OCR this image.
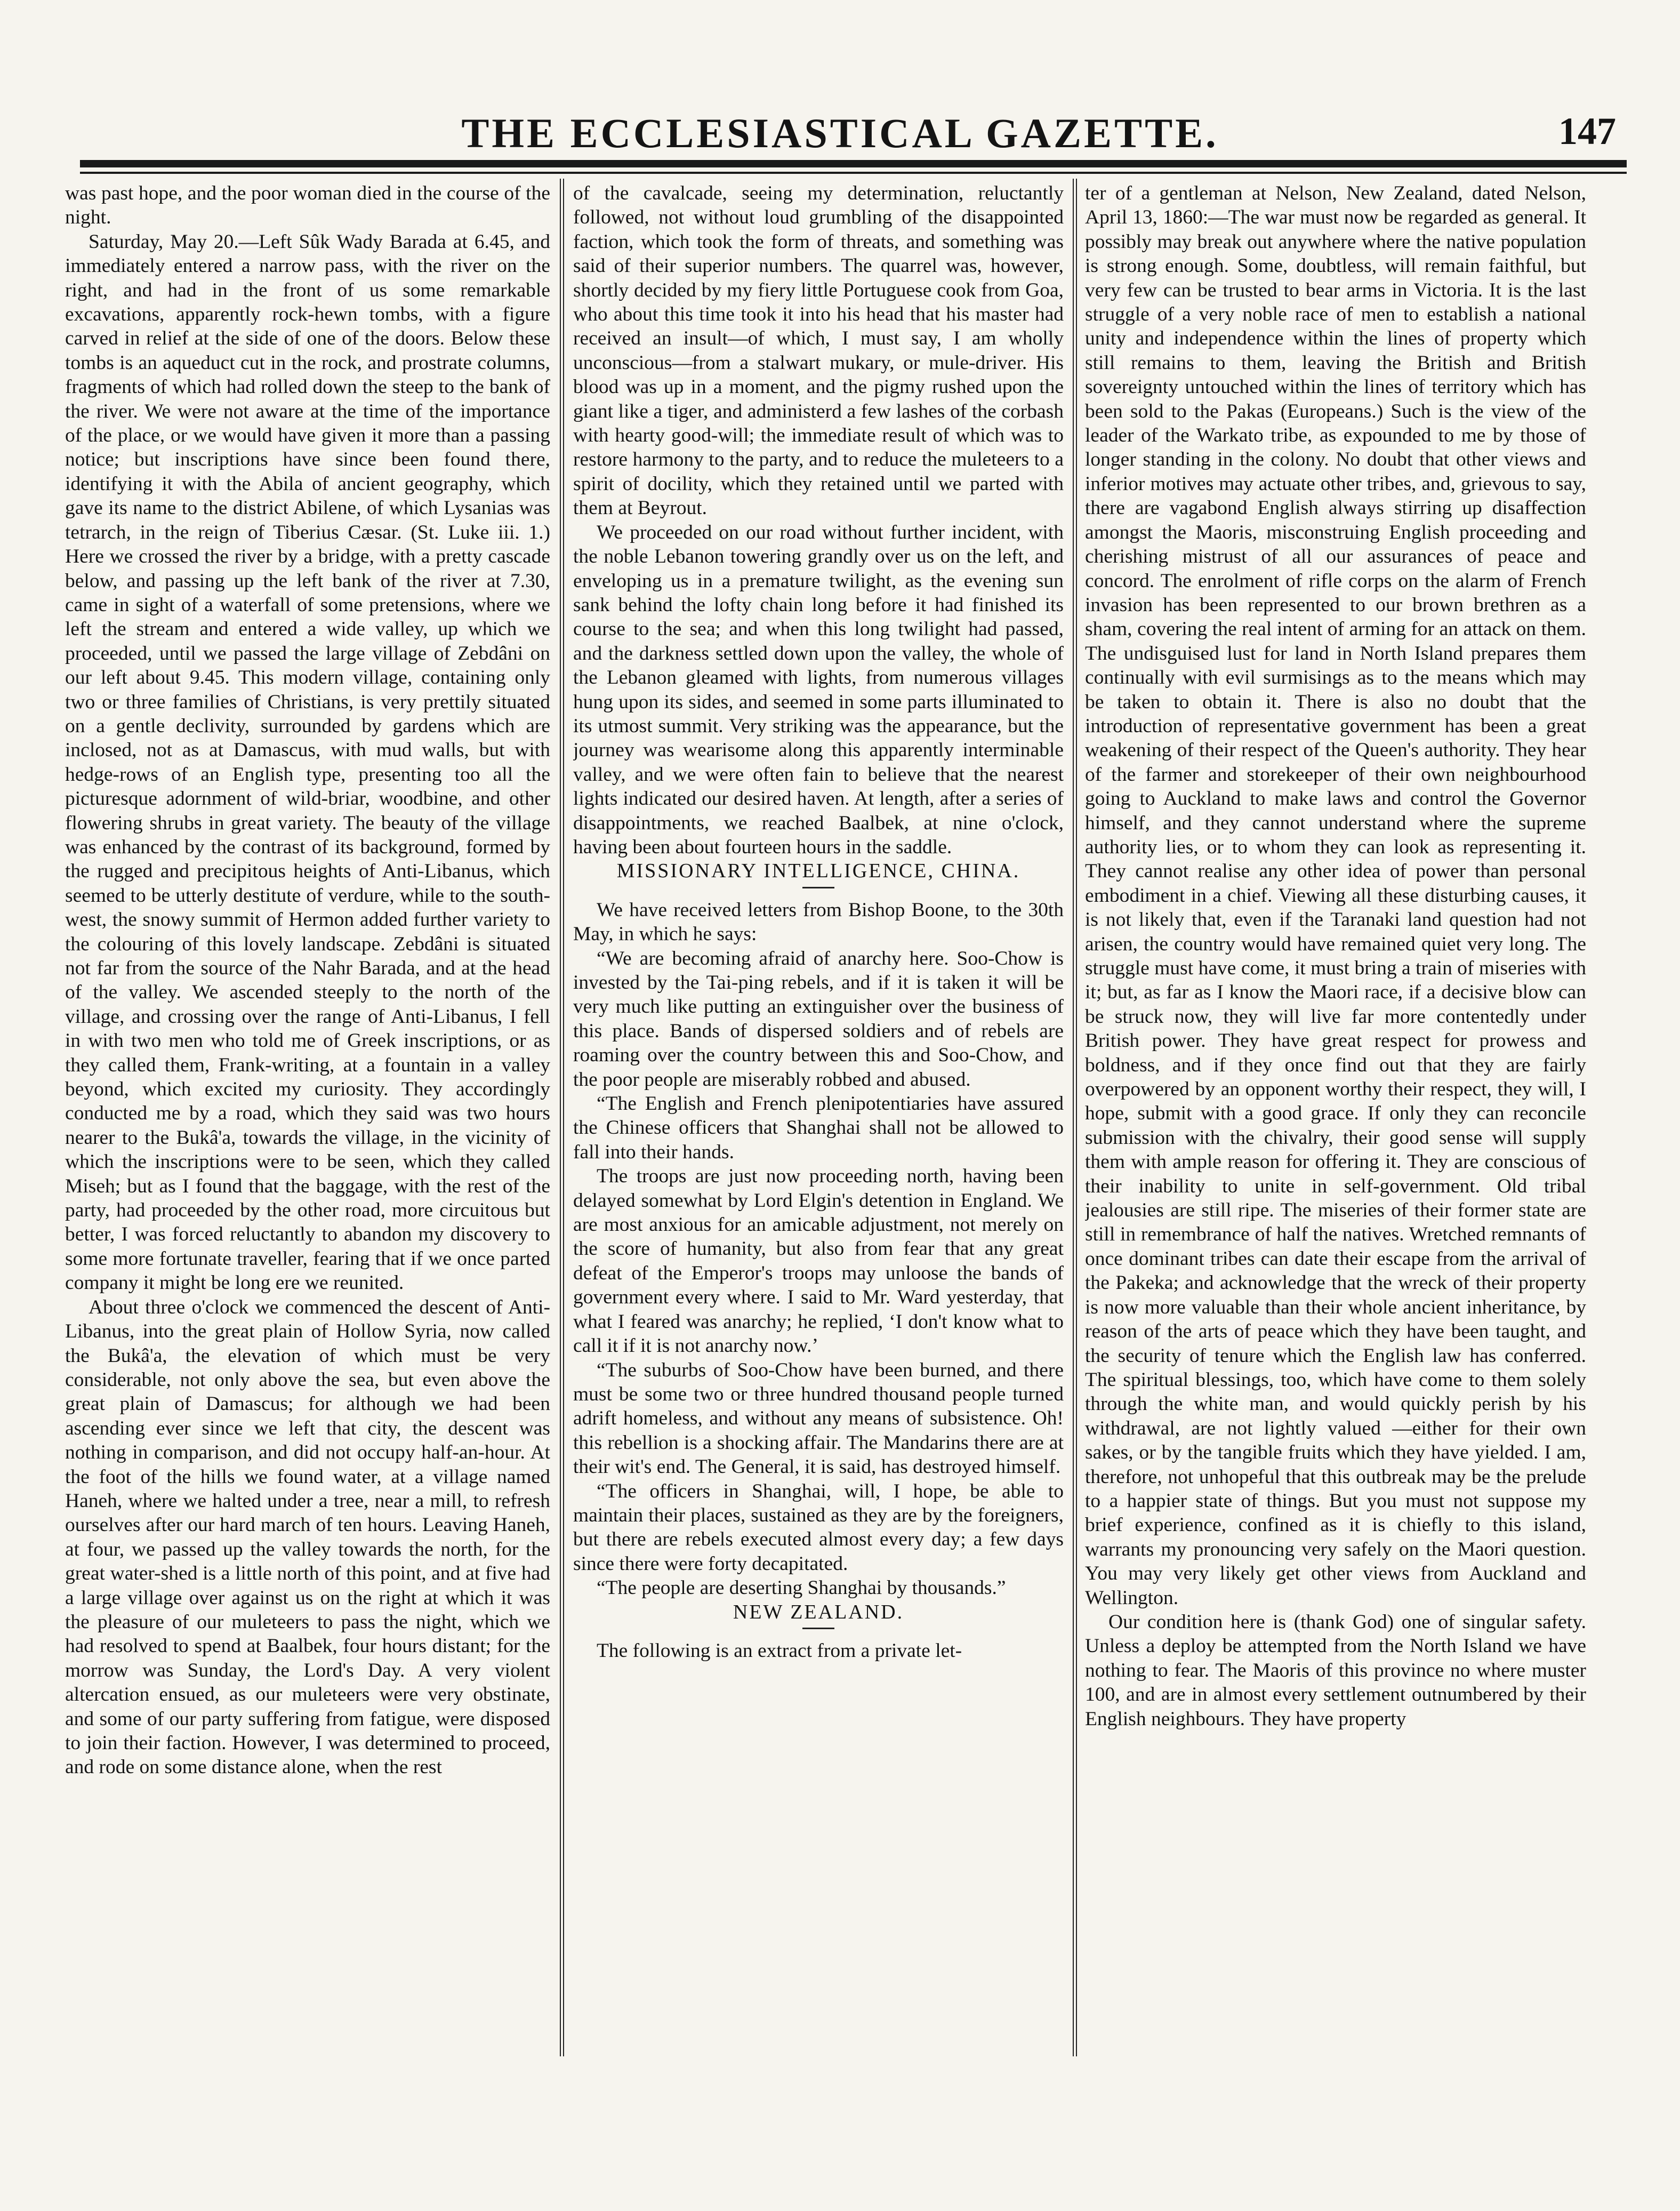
THE ECCLESIASTICAL GAZETTE.	147

was past hope, and the poor woman died in the course of the night.

Saturday, May 20.—Left Sûk Wady Barada at 6.45, and immediately entered a narrow pass, with the river on the right, and had in the front of us some remarkable excavations, apparently rock-hewn tombs, with a figure carved in relief at the side of one of the doors. Below these tombs is an aqueduct cut in the rock, and prostrate columns, fragments of which had rolled down the steep to the bank of the river. We were not aware at the time of the importance of the place, or we would have given it more than a passing notice; but inscriptions have since been found there, identifying it with the Abila of ancient geography, which gave its name to the district Abilene, of which Lysanias was tetrarch, in the reign of Tiberius Cæsar. (St. Luke iii. 1.) Here we crossed the river by a bridge, with a pretty cascade below, and passing up the left bank of the river at 7.30, came in sight of a waterfall of some pretensions, where we left the stream and entered a wide valley, up which we proceeded, until we passed the large village of Zebdâni on our left about 9.45. This modern village, containing only two or three families of Christians, is very prettily situated on a gentle declivity, surrounded by gardens which are inclosed, not as at Damascus, with mud walls, but with hedge-rows of an English type, presenting too all the picturesque adornment of wild-briar, woodbine, and other flowering shrubs in great variety. The beauty of the village was enhanced by the contrast of its background, formed by the rugged and precipitous heights of Anti-Libanus, which seemed to be utterly destitute of verdure, while to the south-west, the snowy summit of Hermon added further variety to the colouring of this lovely landscape. Zebdâni is situated not far from the source of the Nahr Barada, and at the head of the valley. We ascended steeply to the north of the village, and crossing over the range of Anti-Libanus, I fell in with two men who told me of Greek inscriptions, or as they called them, Frank-writing, at a fountain in a valley beyond, which excited my curiosity. They accordingly conducted me by a road, which they said was two hours nearer to the Bukâ'a, towards the village, in the vicinity of which the inscriptions were to be seen, which they called Miseh; but as I found that the baggage, with the rest of the party, had proceeded by the other road, more circuitous but better, I was forced reluctantly to abandon my discovery to some more fortunate traveller, fearing that if we once parted company it might be long ere we reunited.

About three o'clock we commenced the descent of Anti-Libanus, into the great plain of Hollow Syria, now called the Bukâ'a, the elevation of which must be very considerable, not only above the sea, but even above the great plain of Damascus; for although we had been ascending ever since we left that city, the descent was nothing in comparison, and did not occupy half-an-hour. At the foot of the hills we found water, at a village named Haneh, where we halted under a tree, near a mill, to refresh ourselves after our hard march of ten hours. Leaving Haneh, at four, we passed up the valley towards the north, for the great water-shed is a little north of this point, and at five had a large village over against us on the right at which it was the pleasure of our muleteers to pass the night, which we had resolved to spend at Baalbek, four hours distant; for the morrow was Sunday, the Lord's Day. A very violent altercation ensued, as our muleteers were very obstinate, and some of our party suffering from fatigue, were disposed to join their faction. However, I was determined to proceed, and rode on some distance alone, when the rest

of the cavalcade, seeing my determination, reluctantly followed, not without loud grumbling of the disappointed faction, which took the form of threats, and something was said of their superior numbers. The quarrel was, however, shortly decided by my fiery little Portuguese cook from Goa, who about this time took it into his head that his master had received an insult—of which, I must say, I am wholly unconscious—from a stalwart mukary, or mule-driver. His blood was up in a moment, and the pigmy rushed upon the giant like a tiger, and administerd a few lashes of the corbash with hearty good-will; the immediate result of which was to restore harmony to the party, and to reduce the muleteers to a spirit of docility, which they retained until we parted with them at Beyrout.

We proceeded on our road without further incident, with the noble Lebanon towering grandly over us on the left, and enveloping us in a premature twilight, as the evening sun sank behind the lofty chain long before it had finished its course to the sea; and when this long twilight had passed, and the darkness settled down upon the valley, the whole of the Lebanon gleamed with lights, from numerous villages hung upon its sides, and seemed in some parts illuminated to its utmost summit. Very striking was the appearance, but the journey was wearisome along this apparently interminable valley, and we were often fain to believe that the nearest lights indicated our desired haven. At length, after a series of disappointments, we reached Baalbek, at nine o'clock, having been about fourteen hours in the saddle.

MISSIONARY INTELLIGENCE, CHINA.

We have received letters from Bishop Boone, to the 30th May, in which he says:

“We are becoming afraid of anarchy here. Soo-Chow is invested by the Tai-ping rebels, and if it is taken it will be very much like putting an extinguisher over the business of this place. Bands of dispersed soldiers and of rebels are roaming over the country between this and Soo-Chow, and the poor people are miserably robbed and abused.

“The English and French plenipotentiaries have assured the Chinese officers that Shanghai shall not be allowed to fall into their hands.

The troops are just now proceeding north, having been delayed somewhat by Lord Elgin's detention in England. We are most anxious for an amicable adjustment, not merely on the score of humanity, but also from fear that any great defeat of the Emperor's troops may unloose the bands of government every where. I said to Mr. Ward yesterday, that what I feared was anarchy; he replied, ‘I don't know what to call it if it is not anarchy now.’

“The suburbs of Soo-Chow have been burned, and there must be some two or three hundred thousand people turned adrift homeless, and without any means of subsistence. Oh! this rebellion is a shocking affair. The Mandarins there are at their wit's end. The General, it is said, has destroyed himself.

“The officers in Shanghai, will, I hope, be able to maintain their places, sustained as they are by the foreigners, but there are rebels executed almost every day; a few days since there were forty decapitated.

“The people are deserting Shanghai by thousands.”

NEW ZEALAND.

The following is an extract from a private let-

ter of a gentleman at Nelson, New Zealand, dated Nelson, April 13, 1860:—The war must now be regarded as general. It possibly may break out anywhere where the native population is strong enough. Some, doubtless, will remain faithful, but very few can be trusted to bear arms in Victoria. It is the last struggle of a very noble race of men to establish a national unity and independence within the lines of property which still remains to them, leaving the British and British sovereignty untouched within the lines of territory which has been sold to the Pakas (Europeans.) Such is the view of the leader of the Warkato tribe, as expounded to me by those of longer standing in the colony. No doubt that other views and inferior motives may actuate other tribes, and, grievous to say, there are vagabond English always stirring up disaffection amongst the Maoris, misconstruing English proceeding and cherishing mistrust of all our assurances of peace and concord. The enrolment of rifle corps on the alarm of French invasion has been represented to our brown brethren as a sham, covering the real intent of arming for an attack on them. The undisguised lust for land in North Island prepares them continually with evil surmisings as to the means which may be taken to obtain it. There is also no doubt that the introduction of representative government has been a great weakening of their respect of the Queen's authority. They hear of the farmer and storekeeper of their own neighbourhood going to Auckland to make laws and control the Governor himself, and they cannot understand where the supreme authority lies, or to whom they can look as representing it. They cannot realise any other idea of power than personal embodiment in a chief. Viewing all these disturbing causes, it is not likely that, even if the Taranaki land question had not arisen, the country would have remained quiet very long. The struggle must have come, it must bring a train of miseries with it; but, as far as I know the Maori race, if a decisive blow can be struck now, they will live far more contentedly under British power. They have great respect for prowess and boldness, and if they once find out that they are fairly overpowered by an opponent worthy their respect, they will, I hope, submit with a good grace. If only they can reconcile submission with the chivalry, their good sense will supply them with ample reason for offering it. They are conscious of their inability to unite in self-government. Old tribal jealousies are still ripe. The miseries of their former state are still in remembrance of half the natives. Wretched remnants of once dominant tribes can date their escape from the arrival of the Pakeka; and acknowledge that the wreck of their property is now more valuable than their whole ancient inheritance, by reason of the arts of peace which they have been taught, and the security of tenure which the English law has conferred. The spiritual blessings, too, which have come to them solely through the white man, and would quickly perish by his withdrawal, are not lightly valued —either for their own sakes, or by the tangible fruits which they have yielded. I am, therefore, not unhopeful that this outbreak may be the prelude to a happier state of things. But you must not suppose my brief experience, confined as it is chiefly to this island, warrants my pronouncing very safely on the Maori question. You may very likely get other views from Auckland and Wellington.

Our condition here is (thank God) one of singular safety. Unless a deploy be attempted from the North Island we have nothing to fear. The Maoris of this province no where muster 100, and are in almost every settlement outnumbered by their English neighbours. They have property
